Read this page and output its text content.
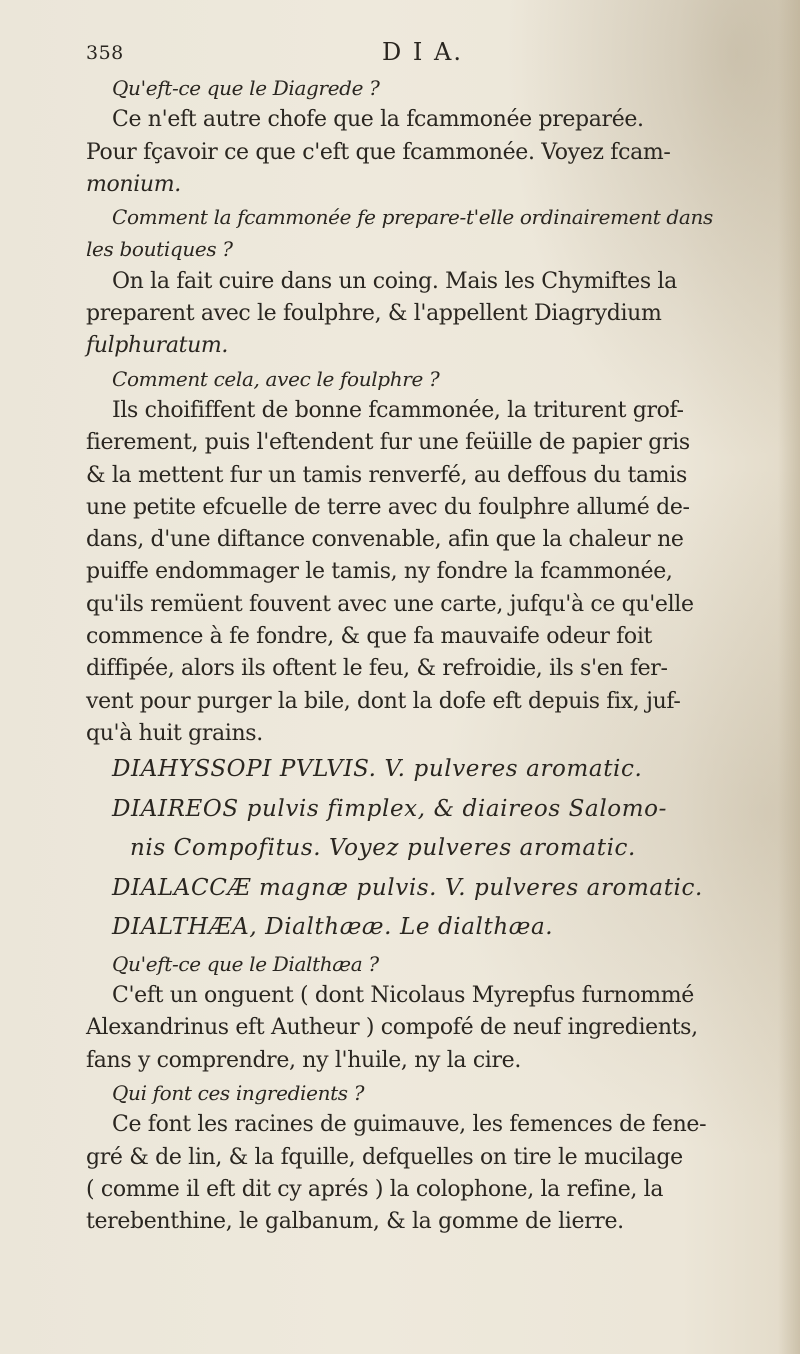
358	D I A.
Qu'eft-ce que le Diagrede ?
Ce n'eft autre chofe que la fcammonée preparée.
Pour fçavoir ce que c'eft que fcammonée. Voyez fcam-
monium.
Comment la fcammonée fe prepare-t'elle ordinairement dans
les boutiques ?
On la fait cuire dans un coing. Mais les Chymiftes la
preparent avec le foulphre, & l'appellent Diagrydium
fulphuratum.
Comment cela, avec le foulphre ?
Ils choififfent de bonne fcammonée, la triturent grof-
fierement, puis l'eftendent fur une feüille de papier gris
& la mettent fur un tamis renverfé, au deffous du tamis
une petite efcuelle de terre avec du foulphre allumé de-
dans, d'une diftance convenable, afin que la chaleur ne
puiffe endommager le tamis, ny fondre la fcammonée,
qu'ils remüent fouvent avec une carte, jufqu'à ce qu'elle
commence à fe fondre, & que fa mauvaife odeur foit
diffipée, alors ils oftent le feu, & refroidie, ils s'en fer-
vent pour purger la bile, dont la dofe eft depuis fix, juf-
qu'à huit grains.
DIAHYSSOPI PVLVIS. V. pulveres aromatic.
DIAIREOS pulvis fimplex, & diaireos Salomo-
nis Compofitus. Voyez pulveres aromatic.
DIALACCÆ magnæ pulvis. V. pulveres aromatic.
DIALTHÆA, Dialthææ. Le dialthæa.
Qu'eft-ce que le Dialthæa ?
C'eft un onguent ( dont Nicolaus Myrepfus furnommé
Alexandrinus eft Autheur ) compofé de neuf ingredients,
fans y comprendre, ny l'huile, ny la cire.
Qui font ces ingredients ?
Ce font les racines de guimauve, les femences de fene-
gré & de lin, & la fquille, defquelles on tire le mucilage
( comme il eft dit cy aprés ) la colophone, la refine, la
terebenthine, le galbanum, & la gomme de lierre.
